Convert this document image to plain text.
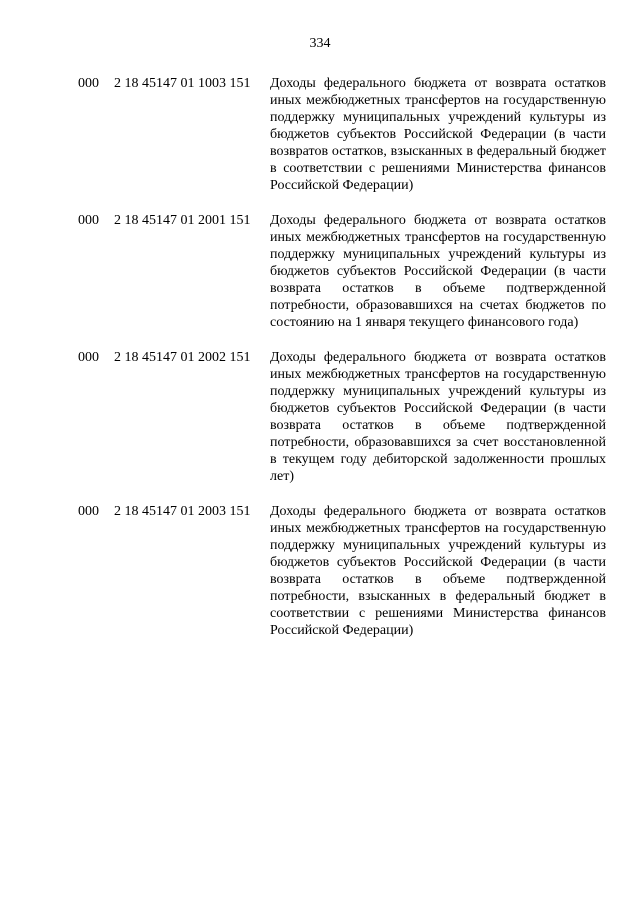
334
000 2 18 45147 01 1003 151 Доходы федерального бюджета от возврата остатков иных межбюджетных трансфертов на государственную поддержку муниципальных учреждений культуры из бюджетов субъектов Российской Федерации (в части возвратов остатков, взысканных в федеральный бюджет в соответствии с решениями Министерства финансов Российской Федерации)
000 2 18 45147 01 2001 151 Доходы федерального бюджета от возврата остатков иных межбюджетных трансфертов на государственную поддержку муниципальных учреждений культуры из бюджетов субъектов Российской Федерации (в части возврата остатков в объеме подтвержденной потребности, образовавшихся на счетах бюджетов по состоянию на 1 января текущего финансового года)
000 2 18 45147 01 2002 151 Доходы федерального бюджета от возврата остатков иных межбюджетных трансфертов на государственную поддержку муниципальных учреждений культуры из бюджетов субъектов Российской Федерации (в части возврата остатков в объеме подтвержденной потребности, образовавшихся за счет восстановленной в текущем году дебиторской задолженности прошлых лет)
000 2 18 45147 01 2003 151 Доходы федерального бюджета от возврата остатков иных межбюджетных трансфертов на государственную поддержку муниципальных учреждений культуры из бюджетов субъектов Российской Федерации (в части возврата остатков в объеме подтвержденной потребности, взысканных в федеральный бюджет в соответствии с решениями Министерства финансов Российской Федерации)
